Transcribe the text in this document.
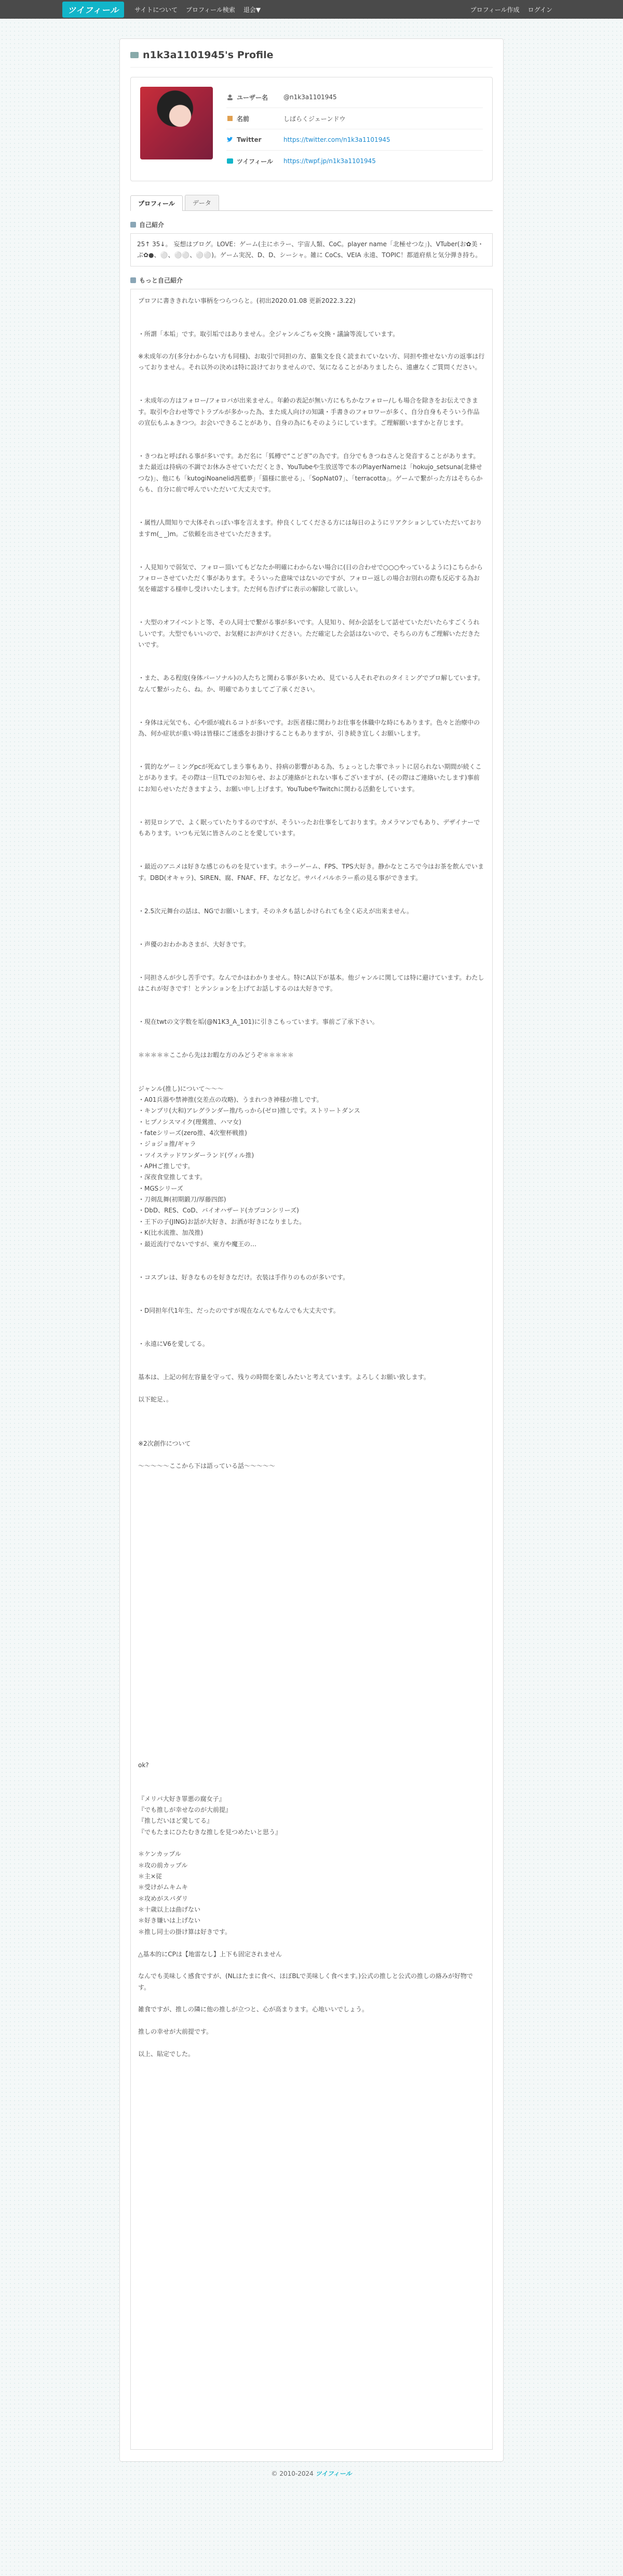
ツイフィール	サイトについて プロフィール検索 退会▼	プロフィール作成 ログイン
n1k3a1101945's Profile
ユーザー名 @n1k3a1101945
名前	しばらくジェーンドウ
Twitter	https://twitter.com/n1k3a1101945
ツイフィール https://twpf.jp/n1k3a1101945
プロフィール	データ
自己紹介
25↑ 35↓。 妄想はブログ。LOVE：ゲーム(主にホラー、宇宙人類、CoC。player name「北極せつな」)、VTuber(お✿美・ぷ✿●、⚪️、⚪️⚪️、⚪️⚪️)。ゲーム実況、D、D、シーシャ。雑に CoCs、VEIA 永遠、TOPIC！都道府県と気分弾き持ち。
もっと自己紹介
プロフに書ききれない事柄をつらつらと。(初出2020.01.08 更新2022.3.22)

・所謂「本垢」です。取引垢ではありません。全ジャンルごちゃ交換・議論等流しています。

※未成年の方(多分わからない方も同様)、お取引で同担の方、嘉集文を良く読まれていない方、同担や推せない方の返事は行っておりません。それ以外の決めは特に設けておりませんので、気になることがありましたら、遠慮なくご質問ください。

・未成年の方はフォロー/フォロバが出来ません。年齢の表記が無い方にもちかなフォロー/しも場合を除きをお伝えできます。取引や合わせ等でトラブルが多かった為、また成人向けの知識・手書きのフォロワーが多く、自分自身もそういう作品の宣伝もふぁきつつ。お会いできることがあり、自身の為にもそのようにしています。ご理解願いますかと存じます。

・きつねと呼ばれる事が多いです。あだ名に「狐樽で“こどぎ”の為です。自分でもきつねさんと発音することがあります。また最近は持病の不調でお休みさせていただくとき、YouTubeや生放送等で本のPlayerNameは「hokujo_setsuna(北條せつな)」、他にも「kutogiNoanelid茜藍夢」「猫様に旅せる」、「SopNat07」、「terracotta」。ゲームで繋がった方はそちらからも、自分に前で呼んでいただいて大丈夫です。

・属性/人間知りで大体それっぽい事を言えます。仲良くしてくださる方には毎日のようにリアクションしていただいておりますm(_ _)m。ご依頼を出させていただきます。

・人見知りで弱気で、フォロー頂いてもどなたか明確にわからない場合に(日の合わせで○○○やっているように)こちらからフォローさせていただく事があります。そういった意味ではないのですが、フォロー返しの場合お別れの際も反応する為お気を確認する様申し受けいたします。ただ何も告げずに表示の解除して欲しい。

・大型のオフイベントと等、その人同士で繋がる事が多いです。人見知り、何か会話をして話せていただいたらすごくうれしいです。大型でもいいので、お気軽にお声がけください。ただ確定した会話はないので、そちらの方もご理解いただきたいです。

・また、ある程度(身体パーソナル)の人たちと関わる事が多いため、見ている人それぞれのタイミングでプロ解しています。なんて繋がったら、ね。か、明確でありましてご了承ください。

・身体は元気でも、心や頭が疲れるコトが多いです。お医者様に関わりお仕事を休職中な時にもあります。色々と治療中の為、何か症状が重い時は皆様にご迷惑をお掛けすることもありますが、引き続き宜しくお願いします。

・質的なゲーミングpcが死ぬてしまう事もあり、持病の影響がある為、ちょっとした事でネットに居られない期間が続くことがあります。その際は一旦TLでのお知らせ、および連絡がとれない事もございますが、(その際はご連絡いたします)事前にお知らせいただきますよう、お願い申し上げます。YouTubeやTwitchに関わる活動をしています。

・初見ロシアで、よく眠っていたりするのですが、そういったお仕事をしております。カメラマンでもあり、デザイナーでもあります。いつも元気に皆さんのことを愛しています。

・最近のアニメは好きな感じのものを見ています。ホラーゲーム、FPS、TPS大好き。静かなところで今はお茶を飲んでいます。DBD(オキャラ)、SIREN、腐、FNAF、FF、などなど。サバイバルホラー系の見る事ができます。

・2.5次元舞台の話は、NGでお願いします。そのネタも話しかけられても全く応えが出来ません。

・声優のおわかあさまが、大好きです。

・同担さんが少し苦手です。なんでかはわかりません。特にA以下が基本。他ジャンルに関しては特に避けています。わたしはこれが好きです！とテンションを上げてお話しするのは大好きです。

・現在twtの文字数を垢(@N1K3_A_101)に引きこもっています。事前ご了承下さい。

＊＊＊＊＊ここから先はお暇な方のみどうぞ＊＊＊＊＊

ジャンル(推し)について〜〜〜
・A01兵器や禁神推(交差点の攻略)、うまれつき神様が推しです。
・キンプリ(大和)アレグランダー推/ちっから(ゼロ)推しです。ストリートダンス
・ヒプノシスマイク(理鶯推、ハマ女)
・fateシリーズ(zero推、4次聖杯戦推)
・ジョジョ推/ギャラ
・ツイステッドワンダーランド(ヴィル推)
・APHご推しです。
・深夜食堂推してます。
・MGSシリーズ
・刀剣乱舞(初期鍛刀/厚藤四郎)
・DbD、RES、CoD、バイオハザード(カプコンシリーズ)
・王下の子(JING)お話が大好き、お酒が好きになりました。
・K(比水流推、加茂推)
・最近流行でないですが、東方や魔王の…

・コスプレは、好きなものを好きなだけ。衣装は手作りのものが多いです。

・D同担年代1年生、だったのですが現在なんでもなんでも大丈夫です。

・永遠にV6を愛してる。

基本は、上記の何左容量を守って、残りの時間を楽しみたいと考えています。よろしくお願い致します。

以下蛇足、。

※2次創作について

〜〜〜〜〜ここから下は語っている話〜〜〜〜〜

ok?

『メリバ大好き罪悪の腐女子』
『でも推しが幸せなのが大前提』
『推しだいほど愛してる』
『でもたまにひたむきな推しを見つめたいと思う』

＊ケンカップル
＊攻の前カップル
＊主×従
＊受けがムキムキ
＊攻めがスパダリ
＊十歳以上は曲げない
＊好き嫌いは上げない
＊推し同士の掛け算は好きです。

△基本的にCPは【地雷なし】上下も固定されません

なんでも美味しく感食ですが、(NLはたまに食べ、ほぼBLで美味しく食べます。)公式の推しと公式の推しの絡みが好物です。

雑食ですが、推しの隣に他の推しが立つと、心が高まります。心地いいでしょう。

推しの幸せが大前提です。

以上、貼定でした。
© 2010-2024 ツイフィール
